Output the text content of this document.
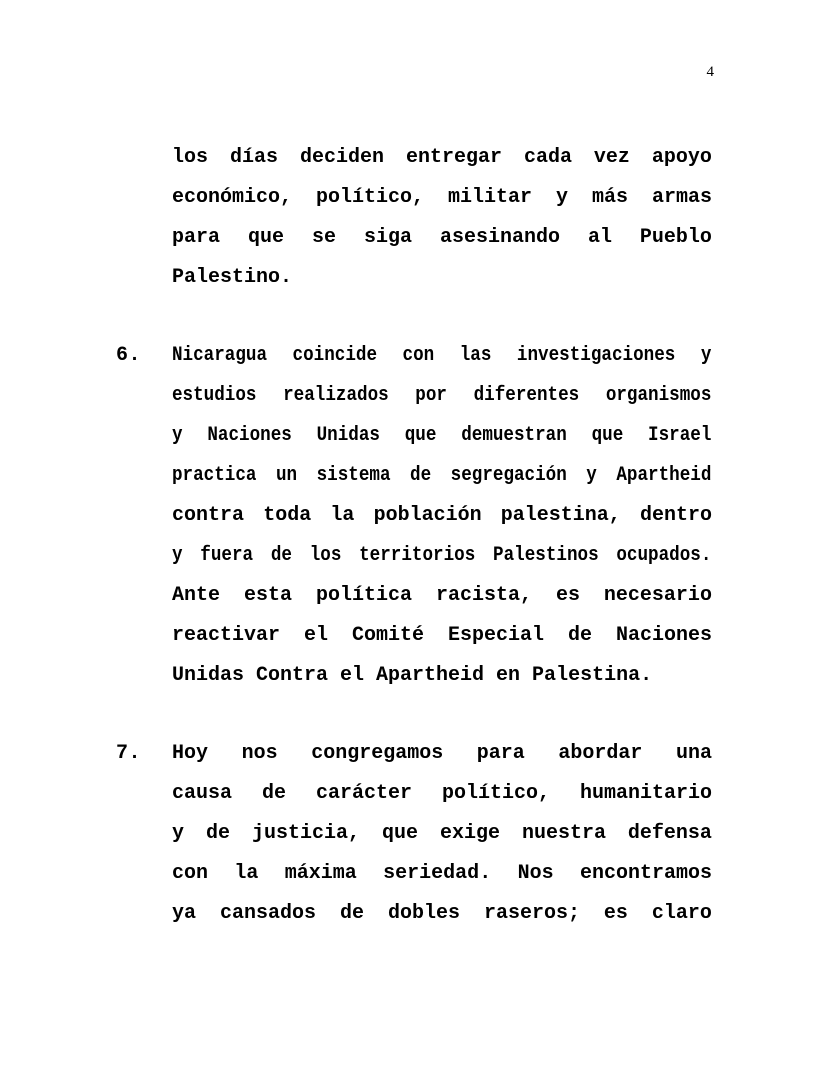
4
los días deciden entregar cada vez apoyo
económico, político, militar y más armas
para que se siga asesinando al Pueblo
Palestino.
6.	Nicaragua coincide con las investigaciones y
estudios realizados por diferentes organismos
y Naciones Unidas que demuestran que Israel
practica un sistema de segregación y Apartheid
contra toda la población palestina, dentro
y fuera de los territorios Palestinos ocupados.
Ante esta política racista, es necesario
reactivar el Comité Especial de Naciones
Unidas Contra el Apartheid en Palestina.
7.	Hoy nos congregamos para abordar una
causa de carácter político, humanitario
y de justicia, que exige nuestra defensa
con la máxima seriedad. Nos encontramos
ya cansados de dobles raseros; es claro
